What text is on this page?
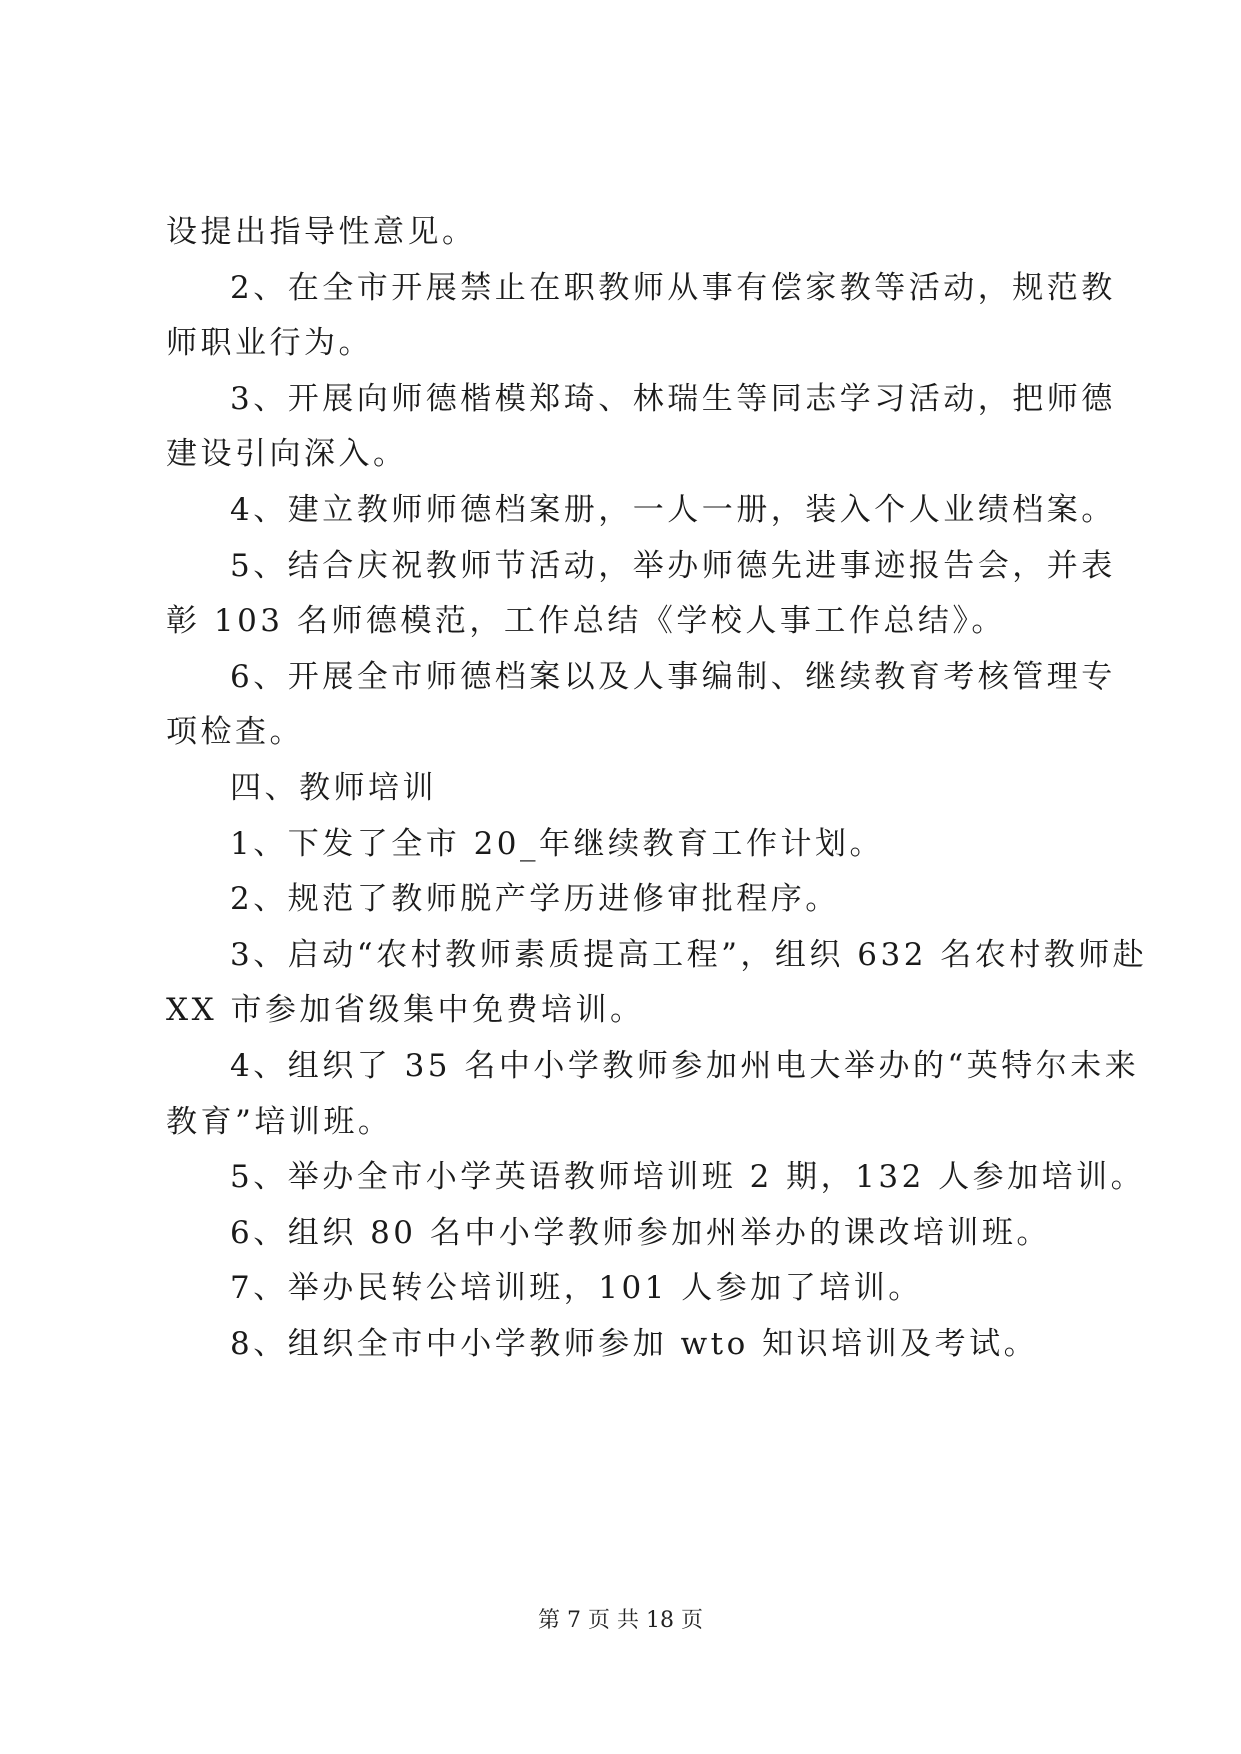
设提出指导性意见。
2、在全市开展禁止在职教师从事有偿家教等活动，规范教
师职业行为。
3、开展向师德楷模郑琦、林瑞生等同志学习活动，把师德
建设引向深入。
4、建立教师师德档案册，一人一册，装入个人业绩档案。
5、结合庆祝教师节活动，举办师德先进事迹报告会，并表
彰 103 名师德模范，工作总结《学校人事工作总结》。
6、开展全市师德档案以及人事编制、继续教育考核管理专
项检查。
四、教师培训
1、下发了全市 20_年继续教育工作计划。
2、规范了教师脱产学历进修审批程序。
3、启动“农村教师素质提高工程”，组织 632 名农村教师赴
XX 市参加省级集中免费培训。
4、组织了 35 名中小学教师参加州电大举办的“英特尔未来
教育”培训班。
5、举办全市小学英语教师培训班 2 期，132 人参加培训。
6、组织 80 名中小学教师参加州举办的课改培训班。
7、举办民转公培训班，101 人参加了培训。
8、组织全市中小学教师参加 wto 知识培训及考试。
第 7 页 共 18 页
